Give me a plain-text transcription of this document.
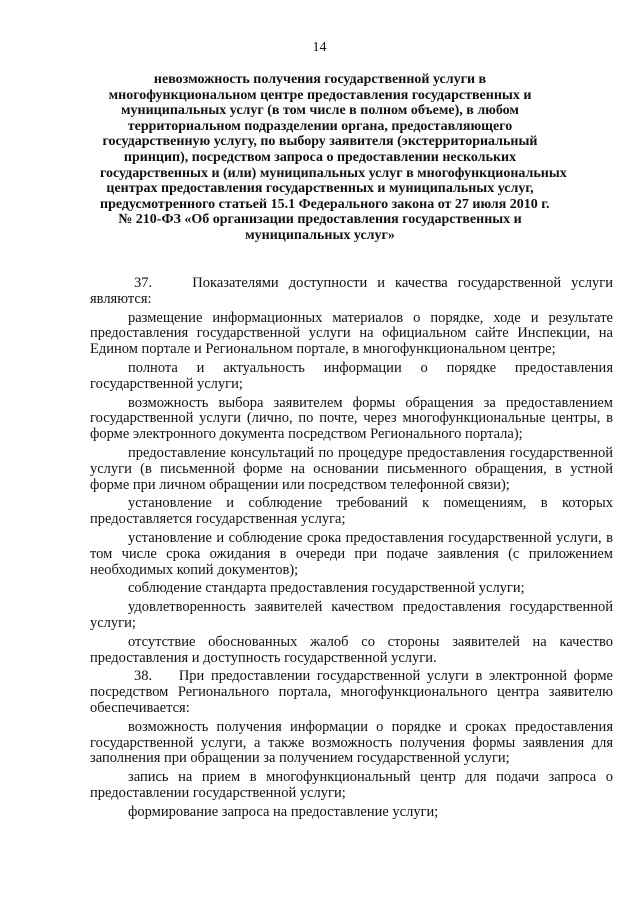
14
невозможность получения государственной услуги в
многофункциональном центре предоставления государственных и
муниципальных услуг (в том числе в полном объеме), в любом
территориальном подразделении органа, предоставляющего
государственную услугу, по выбору заявителя (экстерриториальный
принцип), посредством запроса о предоставлении нескольких
государственных и (или) муниципальных услуг в многофункциональных
центрах предоставления государственных и муниципальных услуг,
предусмотренного статьей 15.1 Федерального закона от 27 июля 2010 г.
№ 210-ФЗ «Об организации предоставления государственных и
муниципальных услуг»

37.    Показателями доступности и качества государственной услуги являются:

размещение информационных материалов о порядке, ходе и результате предоставления государственной услуги на официальном сайте Инспекции, на Едином портале и Региональном портале, в многофункциональном центре;

полнота и актуальность информации о порядке предоставления государственной услуги;

возможность выбора заявителем формы обращения за предоставлением государственной услуги (лично, по почте, через многофункциональные центры, в форме электронного документа посредством Регионального портала);

предоставление консультаций по процедуре предоставления государственной услуги (в письменной форме на основании письменного обращения, в устной форме при личном обращении или посредством телефонной связи);

установление и соблюдение требований к помещениям, в которых предоставляется государственная услуга;

установление и соблюдение срока предоставления государственной услуги, в том числе срока ожидания в очереди при подаче заявления (с приложением необходимых копий документов);

соблюдение стандарта предоставления государственной услуги;

удовлетворенность заявителей качеством предоставления государственной услуги;

отсутствие обоснованных жалоб со стороны заявителей на качество предоставления и доступность государственной услуги.

38.    При предоставлении государственной услуги в электронной форме посредством Регионального портала, многофункционального центра заявителю обеспечивается:

возможность получения информации о порядке и сроках предоставления государственной услуги, а также возможность получения формы заявления для заполнения при обращении за получением государственной услуги;

запись на прием в многофункциональный центр для подачи запроса о предоставлении государственной услуги;

формирование запроса на предоставление услуги;
